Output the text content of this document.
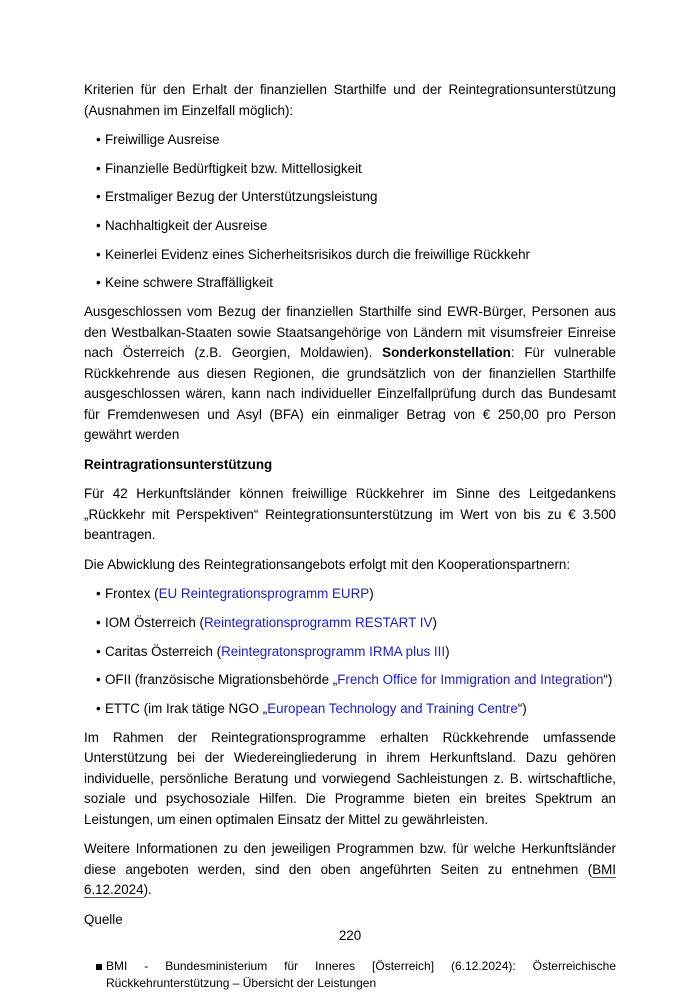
Kriterien für den Erhalt der finanziellen Starthilfe und der Reintegrationsunterstützung (Ausnahmen im Einzelfall möglich):

• Freiwillige Ausreise
• Finanzielle Bedürftigkeit bzw. Mittellosigkeit
• Erstmaliger Bezug der Unterstützungsleistung
• Nachhaltigkeit der Ausreise
• Keinerlei Evidenz eines Sicherheitsrisikos durch die freiwillige Rückkehr
• Keine schwere Straffälligkeit

Ausgeschlossen vom Bezug der finanziellen Starthilfe sind EWR-Bürger, Personen aus den Westbalkan-Staaten sowie Staatsangehörige von Ländern mit visumsfreier Einreise nach Österreich (z.B. Georgien, Moldawien). Sonderkonstellation: Für vulnerable Rückkehrende aus diesen Regionen, die grundsätzlich von der finanziellen Starthilfe ausgeschlossen wären, kann nach individueller Einzelfallprüfung durch das Bundesamt für Fremdenwesen und Asyl (BFA) ein einmaliger Betrag von € 250,00 pro Person gewährt werden

Reintragrationsunterstützung

Für 42 Herkunftsländer können freiwillige Rückkehrer im Sinne des Leitgedankens „Rückkehr mit Perspektiven“ Reintegrationsunterstützung im Wert von bis zu € 3.500 beantragen.

Die Abwicklung des Reintegrationsangebots erfolgt mit den Kooperationspartnern:

• Frontex (EU Reintegrationsprogramm EURP)
• IOM Österreich (Reintegrationsprogramm RESTART IV)
• Caritas Österreich (Reintegratonsprogramm IRMA plus III)
• OFII (französische Migrationsbehörde „French Office for Immigration and Integration“)
• ETTC (im Irak tätige NGO „European Technology and Training Centre“)

Im Rahmen der Reintegrationsprogramme erhalten Rückkehrende umfassende Unterstützung bei der Wiedereingliederung in ihrem Herkunftsland. Dazu gehören individuelle, persönliche Beratung und vorwiegend Sachleistungen z. B. wirtschaftliche, soziale und psychosoziale Hilfen. Die Programme bieten ein breites Spektrum an Leistungen, um einen optimalen Einsatz der Mittel zu gewährleisten.

Weitere Informationen zu den jeweiligen Programmen bzw. für welche Herkunftsländer diese angeboten werden, sind den oben angeführten Seiten zu entnehmen (BMI 6.12.2024).

Quelle

BMI - Bundesministerium für Inneres [Österreich] (6.12.2024): Österreichische Rückkehrunterstützung – Übersicht der Leistungen
220
